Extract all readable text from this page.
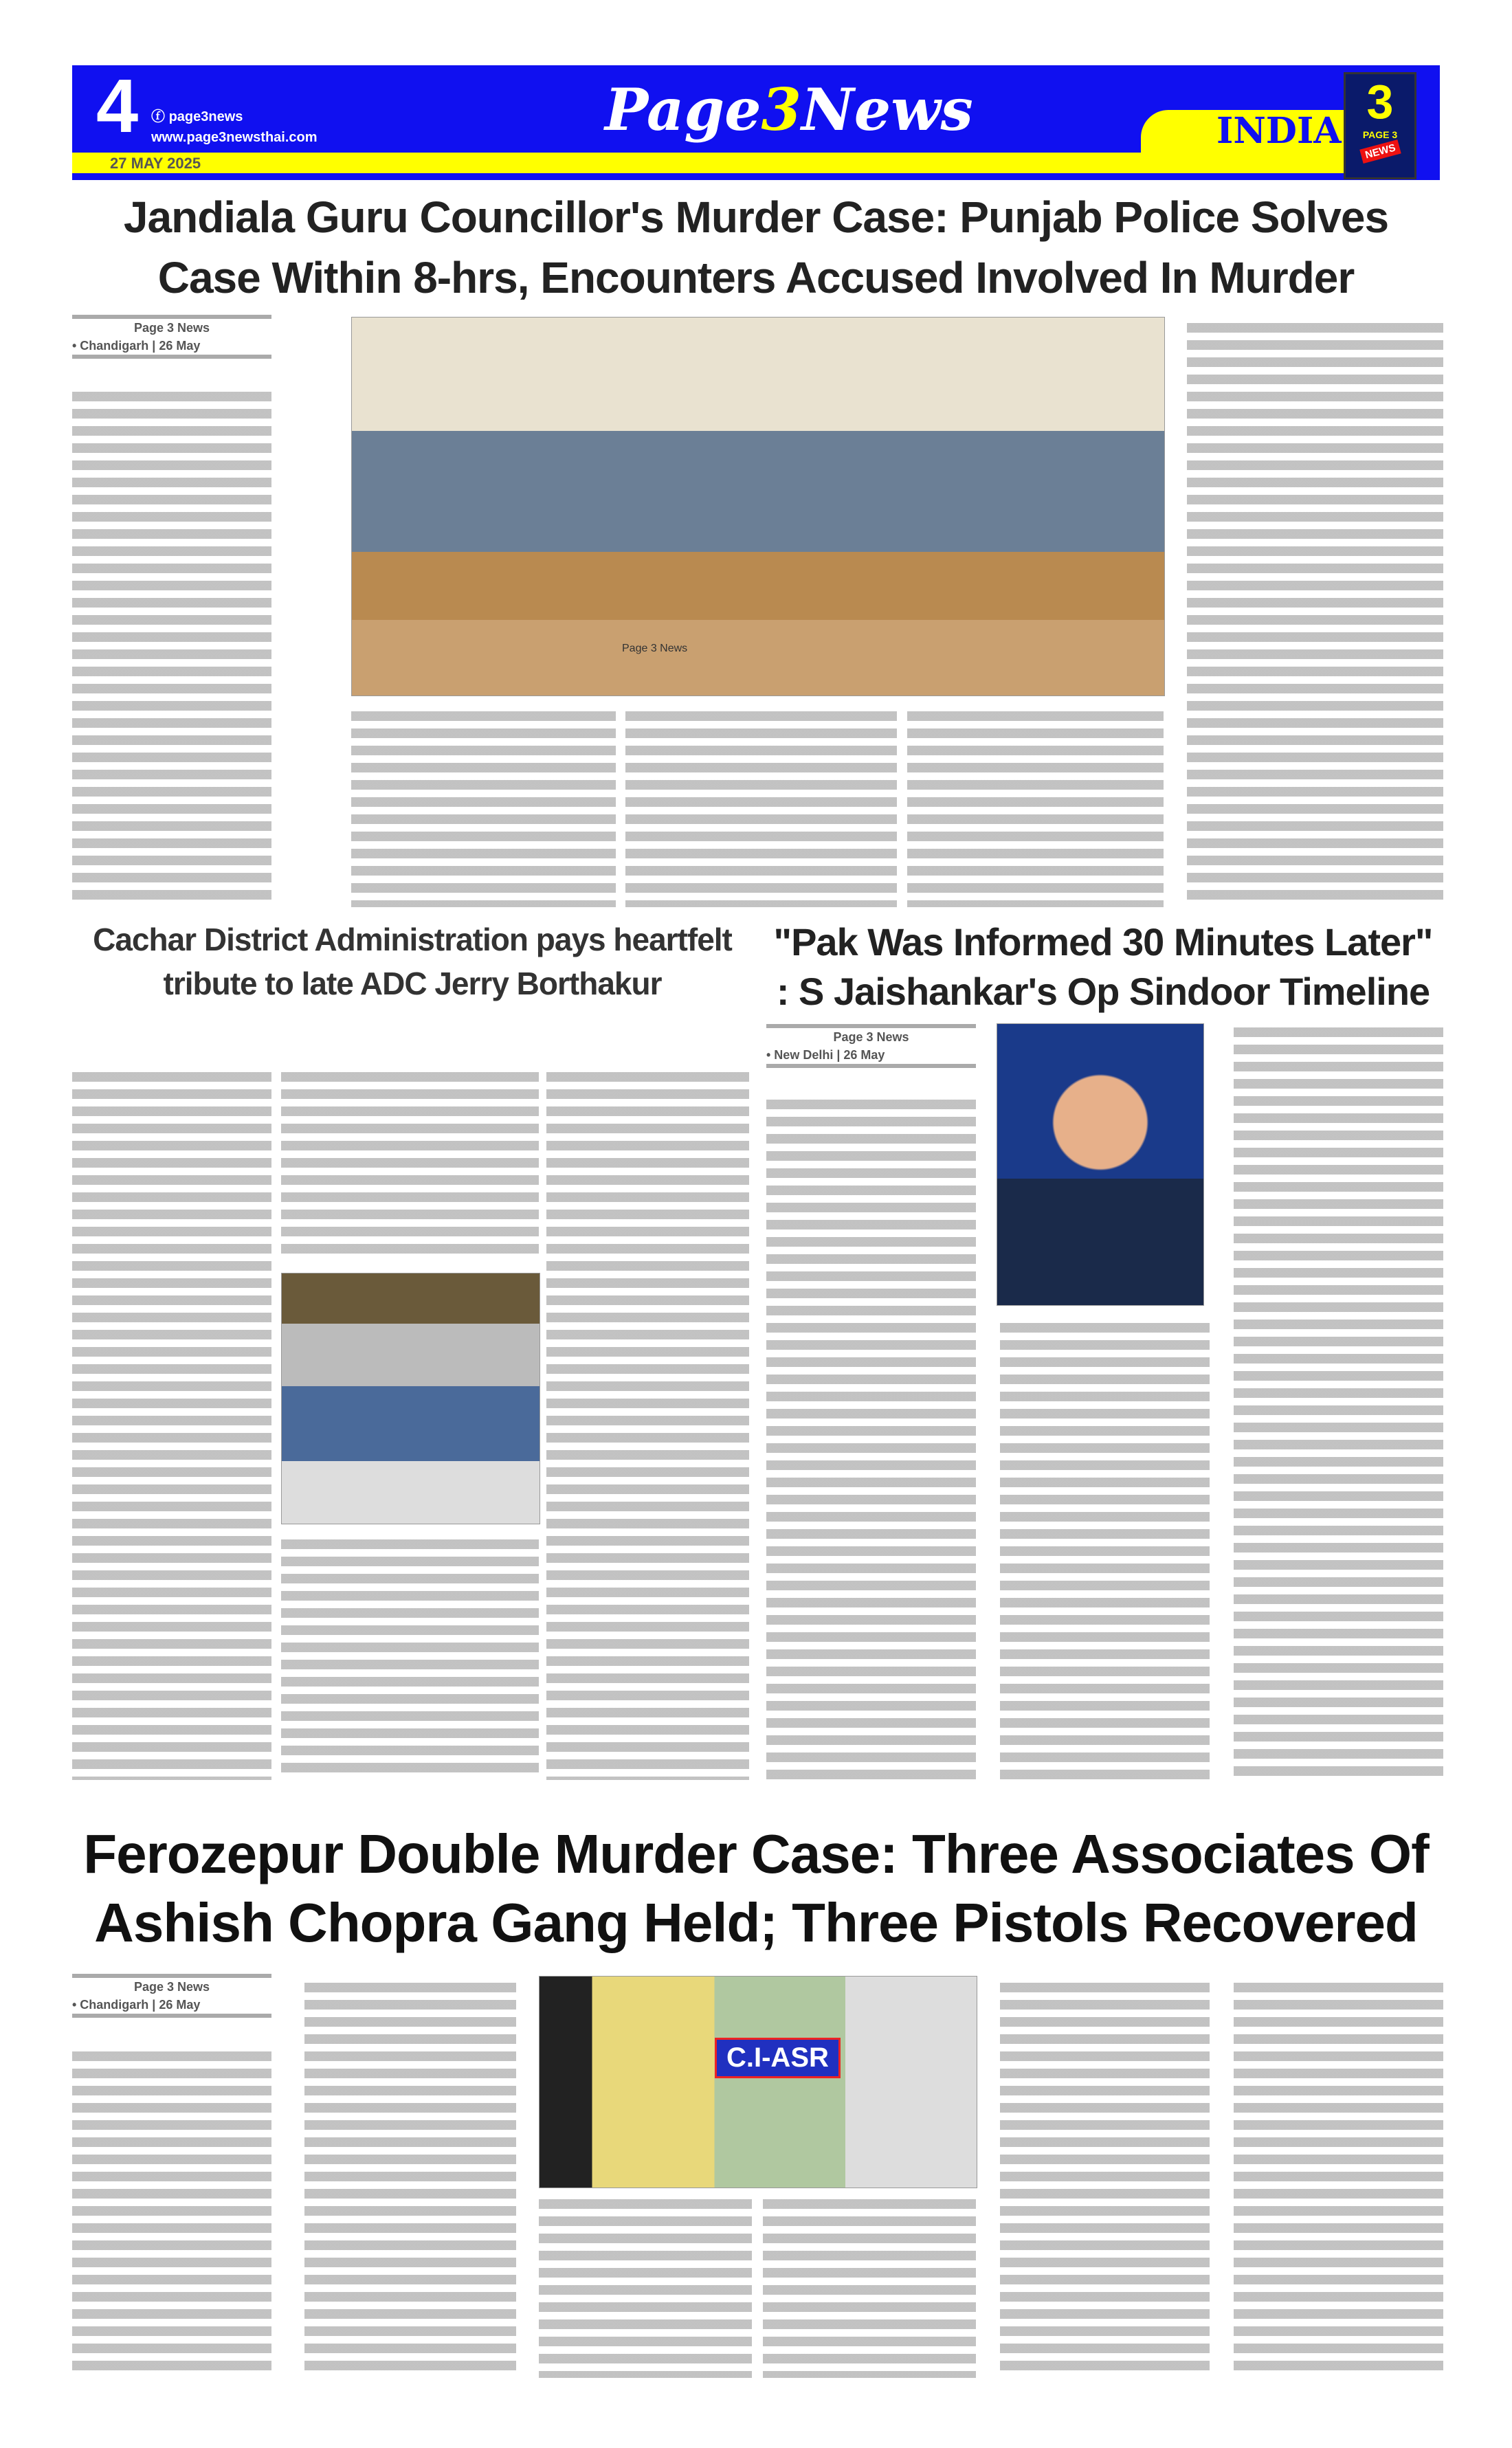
4 ⓕ page3news
www.page3newsthai.com
27 MAY 2025
Page3News	INDIA
3
PAGE 3
NEWS
Jandiala Guru Councillor's Murder Case: Punjab Police Solves Case Within 8-hrs, Encounters Accused Involved In Murder
Page 3 News
• Chandigarh | 26 May
Page 3 News
Cachar District Administration pays heartfelt tribute to late ADC Jerry Borthakur
"Pak Was Informed 30 Minutes Later" : S Jaishankar's Op Sindoor Timeline
Page 3 News
• New Delhi | 26 May
Ferozepur Double Murder Case: Three Associates Of Ashish Chopra Gang Held; Three Pistols Recovered
Page 3 News
• Chandigarh | 26 May
C.I-ASR
